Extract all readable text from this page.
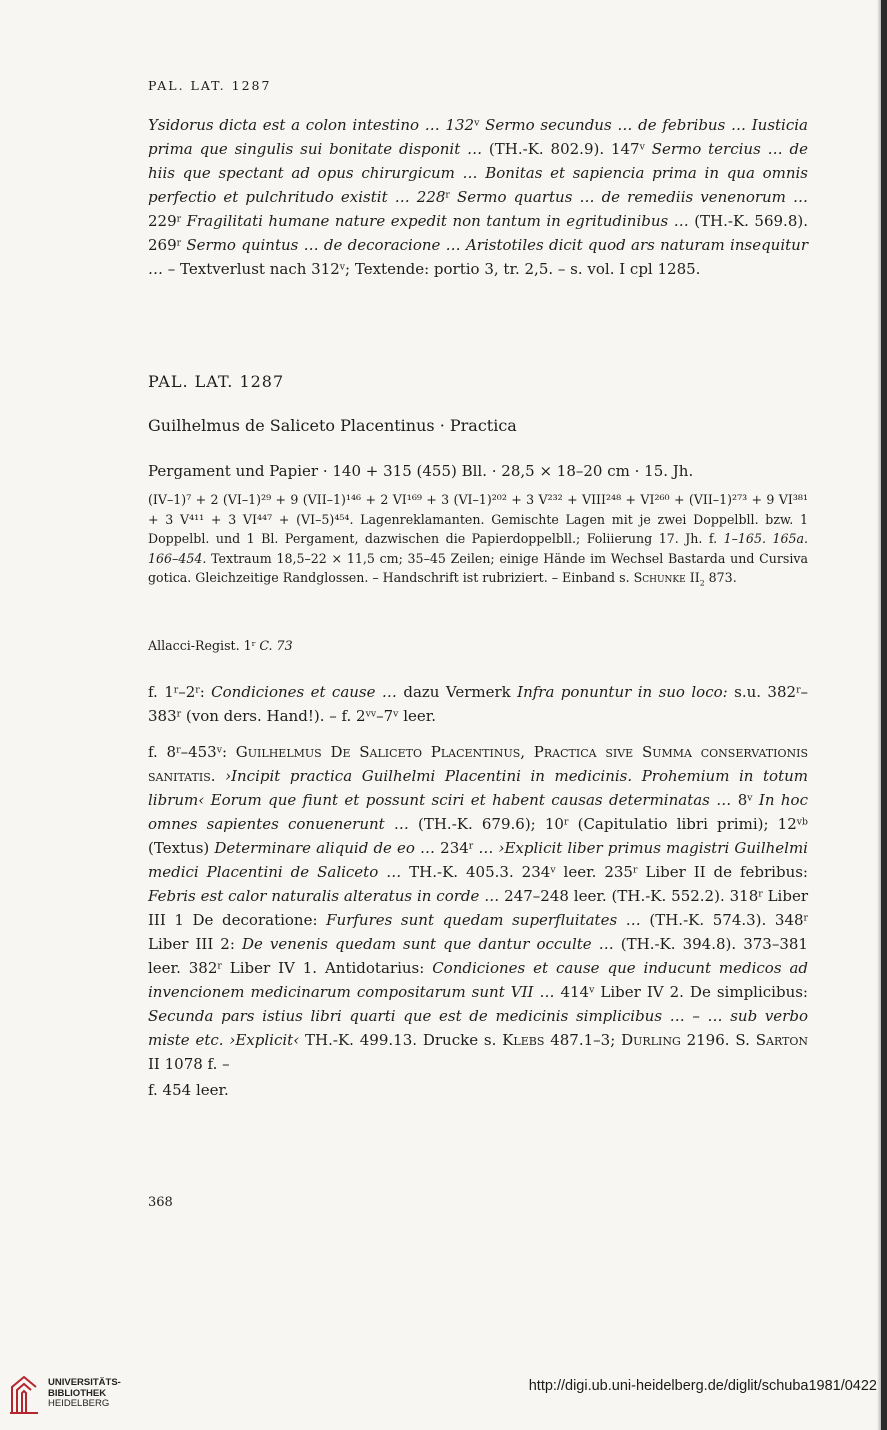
PAL. LAT. 1287
Ysidorus dicta est a colon intestino … 132$^v$ Sermo secundus … de febribus … Iusticia prima que singulis sui bonitate disponit … (TH.-K. 802.9). 147$^v$ Sermo tercius … de hiis que spectant ad opus chirurgicum … Bonitas et sapiencia prima in qua omnis perfectio et pulchritudo existit … 228$^r$ Sermo quartus … de remediis venenorum … 229$^r$ Fragilitati humane nature expedit non tantum in egritudinibus … (TH.-K. 569.8). 269$^r$ Sermo quintus … de decoracione … Aristotiles dicit quod ars naturam insequitur … – Textverlust nach 312$^v$; Textende: portio 3, tr. 2,5. – s. vol. I cpl 1285.
PAL. LAT. 1287
Guilhelmus de Saliceto Placentinus · Practica
Pergament und Papier · 140 + 315 (455) Bll. · 28,5 × 18–20 cm · 15. Jh.
(IV–1)⁷ + 2 (VI–1)²⁹ + 9 (VII–1)¹⁴⁶ + 2 VI¹⁶⁹ + 3 (VI–1)²⁰² + 3 V²³² + VIII²⁴⁸ + VI²⁶⁰ + (VII–1)²⁷³ + 9 VI³⁸¹ + 3 V⁴¹¹ + 3 VI⁴⁴⁷ + (VI–5)⁴⁵⁴. Lagenreklamanten. Gemischte Lagen mit je zwei Doppelbll. bzw. 1 Doppelbl. und 1 Bl. Pergament, dazwischen die Papierdoppelbll.; Foliierung 17. Jh. f. 1–165. 165a. 166–454. Textraum 18,5–22 × 11,5 cm; 35–45 Zeilen; einige Hände im Wechsel Bastarda und Cursiva gotica. Gleichzeitige Randglossen. – Handschrift ist rubriziert. – Einband s. Schunke $II_2$ 873.
Allacci-Regist. 1$^r$ C. 73
f. 1$^r$–2$^r$: Condiciones et cause … dazu Vermerk Infra ponuntur in suo loco: s.u. 382$^r$–383$^r$ (von ders. Hand!). – f. 2$^{vv}$–7$^v$ leer.
f. 8$^r$–453$^v$: Guilhelmus De Saliceto Placentinus, Practica sive Summa conservationis sanitatis. ›Incipit practica Guilhelmi Placentini in medicinis. Prohemium in totum librum‹ Eorum que fiunt et possunt sciri et habent causas determinatas … 8$^v$ In hoc omnes sapientes conuenerunt … (TH.-K. 679.6); 10$^r$ (Capitulatio libri primi); $12^{vb}$ (Textus) Determinare aliquid de eo … 234$^r$ … ›Explicit liber primus magistri Guilhelmi medici Placentini de Saliceto … TH.-K. 405.3. 234$^v$ leer. 235$^r$ Liber II de febribus: Febris est calor naturalis alteratus in corde … 247–248 leer. (TH.-K. 552.2). 318$^r$ Liber III 1 De decoratione: Furfures sunt quedam superfluitates … (TH.-K. 574.3). 348$^r$ Liber III 2: De venenis quedam sunt que dantur occulte … (TH.-K. 394.8). 373–381 leer. 382$^r$ Liber IV 1. Antidotarius: Condiciones et cause que inducunt medicos ad invencionem medicinarum compositarum sunt VII … 414$^v$ Liber IV 2. De simplicibus: Secunda pars istius libri quarti que est de medicinis simplicibus … – … sub verbo miste etc. ›Explicit‹ TH.-K. 499.13. Drucke s. Klebs 487.1–3; Durling 2196. S. Sarton II 1078 f. –
f. 454 leer.
368
UNIVERSITÄTS-
BIBLIOTHEK
HEIDELBERG
http://digi.ub.uni-heidelberg.de/diglit/schuba1981/0422
